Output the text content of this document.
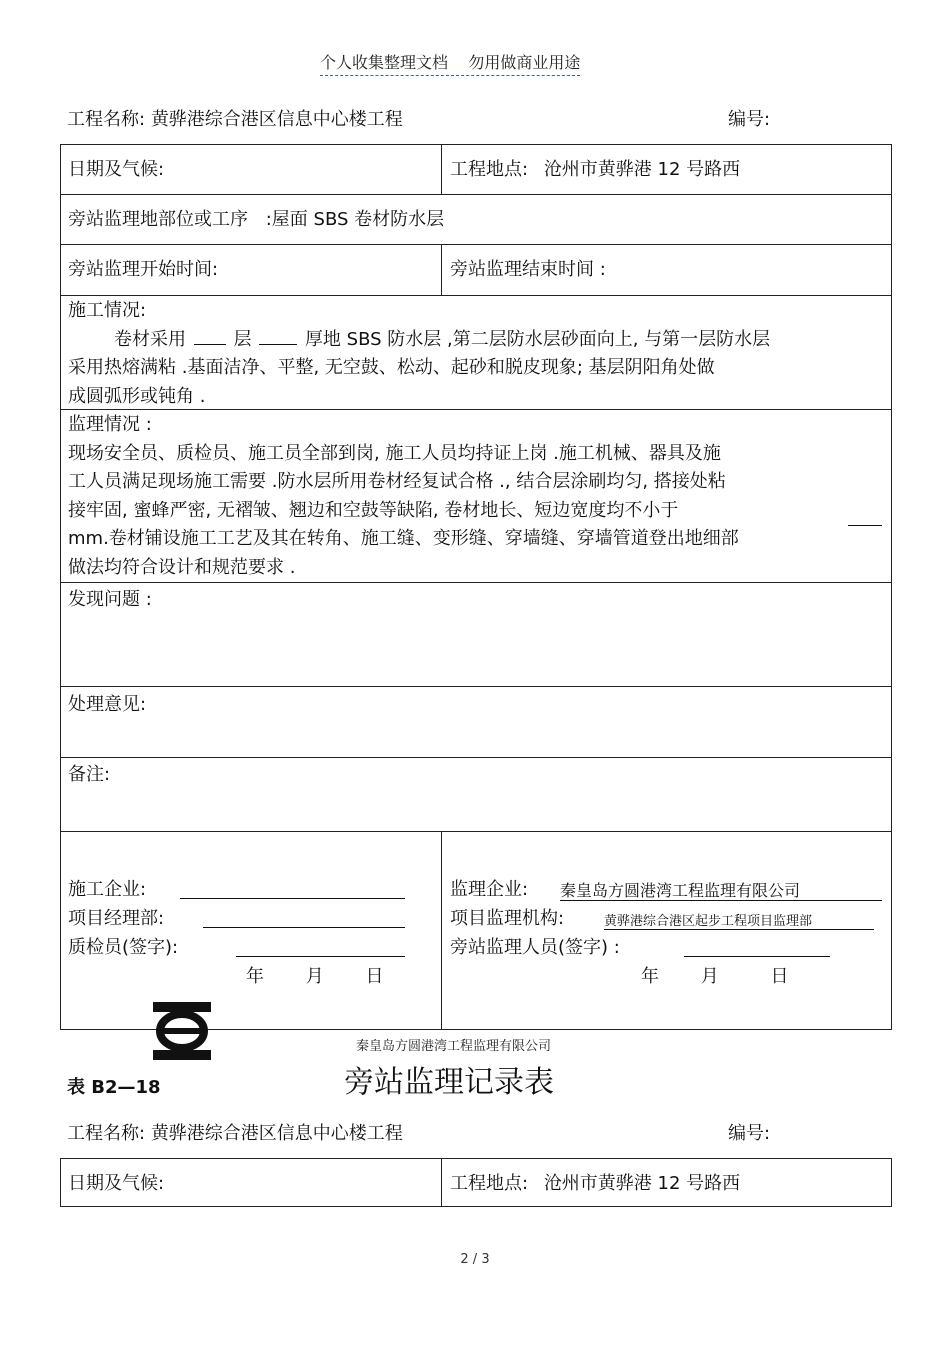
个人收集整理文档    勿用做商业用途
工程名称: 黄骅港综合港区信息中心楼工程	编号:
日期及气候:	工程地点: 沧州市黄骅港 12 号路西
旁站监理地部位或工序 :屋面 SBS 卷材防水层
旁站监理开始时间:	旁站监理结束时间 :
施工情况:
卷材采用	层	厚地 SBS 防水层 ,第二层防水层砂面向上, 与第一层防水层
采用热熔满粘 .基面洁净、平整, 无空鼓、松动、起砂和脱皮现象; 基层阴阳角处做
成圆弧形或钝角 .
监理情况 :
现场安全员、质检员、施工员全部到岗, 施工人员均持证上岗 .施工机械、器具及施
工人员满足现场施工需要 .防水层所用卷材经复试合格 ., 结合层涂刷均匀, 搭接处粘
接牢固, 蜜蜂严密, 无褶皱、翘边和空鼓等缺陷, 卷材地长、短边宽度均不小于
mm.卷材铺设施工工艺及其在转角、施工缝、变形缝、穿墙缝、穿墙管道登出地细部
做法均符合设计和规范要求 .
发现问题 :
处理意见:
备注:
施工企业:
项目经理部:
质检员(签字):
年 月 日
监理企业: 秦皇岛方圆港湾工程监理有限公司
项目监理机构:	黄骅港综合港区起步工程项目监理部
旁站监理人员(签字) :
年 月	日
秦皇岛方圆港湾工程监理有限公司
表 B2—18	旁站监理记录表
工程名称: 黄骅港综合港区信息中心楼工程	编号:
日期及气候:	工程地点: 沧州市黄骅港 12 号路西
2 / 3
